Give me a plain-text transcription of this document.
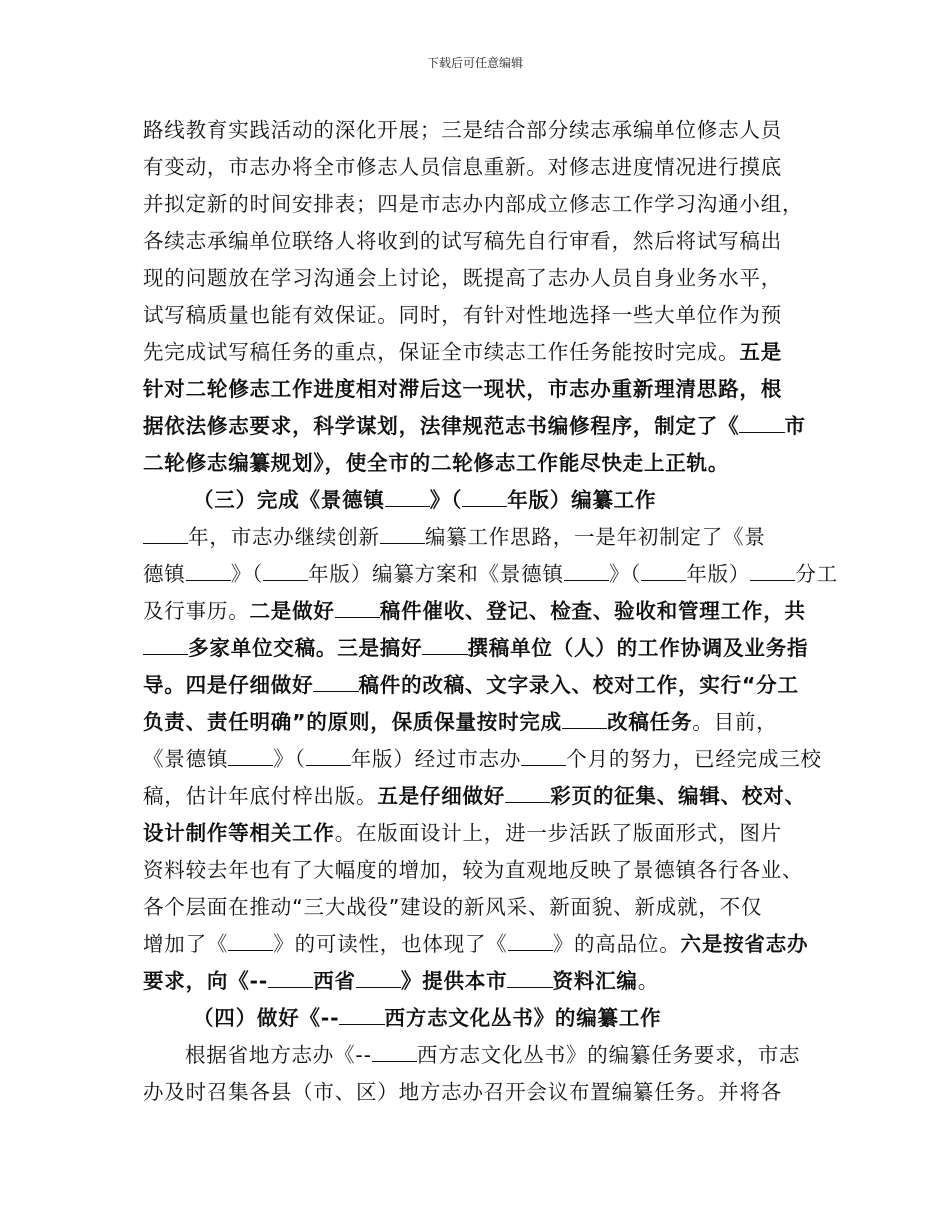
下载后可任意编辑
路线教育实践活动的深化开展；三是结合部分续志承编单位修志人员
有变动，市志办将全市修志人员信息重新。对修志进度情况进行摸底
并拟定新的时间安排表；四是市志办内部成立修志工作学习沟通小组，
各续志承编单位联络人将收到的试写稿先自行审看，然后将试写稿出
现的问题放在学习沟通会上讨论，既提高了志办人员自身业务水平，
试写稿质量也能有效保证。同时，有针对性地选择一些大单位作为预
先完成试写稿任务的重点，保证全市续志工作任务能按时完成。五是
针对二轮修志工作进度相对滞后这一现状，市志办重新理清思路，根
据依法修志要求，科学谋划，法律规范志书编修程序，制定了《 市
二轮修志编纂规划》，使全市的二轮修志工作能尽快走上正轨。
（三）完成《景德镇 》（ 年版）编纂工作
年，市志办继续创新 编纂工作思路，一是年初制定了《景
德镇 》（ 年版）编纂方案和《景德镇 》（ 年版） 分工
及行事历。二是做好 稿件催收、登记、检查、验收和管理工作，共
多家单位交稿。三是搞好 撰稿单位（人）的工作协调及业务指
导。四是仔细做好 稿件的改稿、文字录入、校对工作，实行“分工
负责、责任明确”的原则，保质保量按时完成 改稿任务。目前，
《景德镇 》（ 年版）经过市志办 个月的努力，已经完成三校
稿，估计年底付梓出版。五是仔细做好 彩页的征集、编辑、校对、
设计制作等相关工作。在版面设计上，进一步活跃了版面形式，图片
资料较去年也有了大幅度的增加，较为直观地反映了景德镇各行各业、
各个层面在推动“三大战役”建设的新风采、新面貌、新成就，不仅
增加了《 》的可读性，也体现了《 》的高品位。六是按省志办
要求，向《-- 西省 》提供本市 资料汇编。
（四）做好《-- 西方志文化丛书》的编纂工作
根据省地方志办《-- 西方志文化丛书》的编纂任务要求，市志
办及时召集各县（市、区）地方志办召开会议布置编纂任务。并将各
